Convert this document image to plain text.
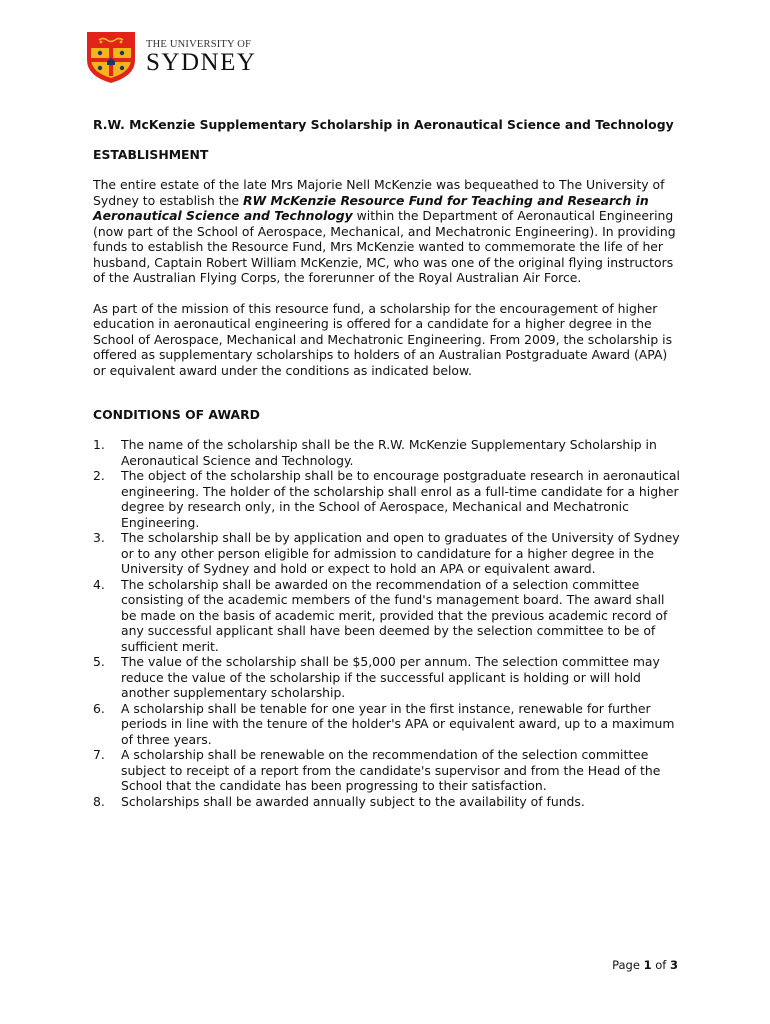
THE UNIVERSITY OF
SYDNEY

R.W. McKenzie Supplementary Scholarship in Aeronautical Science and Technology

ESTABLISHMENT

The entire estate of the late Mrs Majorie Nell McKenzie was bequeathed to The University of Sydney to establish the RW McKenzie Resource Fund for Teaching and Research in Aeronautical Science and Technology within the Department of Aeronautical Engineering (now part of the School of Aerospace, Mechanical, and Mechatronic Engineering). In providing funds to establish the Resource Fund, Mrs McKenzie wanted to commemorate the life of her husband, Captain Robert William McKenzie, MC, who was one of the original flying instructors of the Australian Flying Corps, the forerunner of the Royal Australian Air Force.

As part of the mission of this resource fund, a scholarship for the encouragement of higher education in aeronautical engineering is offered for a candidate for a higher degree in the School of Aerospace, Mechanical and Mechatronic Engineering. From 2009, the scholarship is offered as supplementary scholarships to holders of an Australian Postgraduate Award (APA) or equivalent award under the conditions as indicated below.

CONDITIONS OF AWARD

1. The name of the scholarship shall be the R.W. McKenzie Supplementary Scholarship in Aeronautical Science and Technology.
2. The object of the scholarship shall be to encourage postgraduate research in aeronautical engineering. The holder of the scholarship shall enrol as a full-time candidate for a higher degree by research only, in the School of Aerospace, Mechanical and Mechatronic Engineering.
3. The scholarship shall be by application and open to graduates of the University of Sydney or to any other person eligible for admission to candidature for a higher degree in the University of Sydney and hold or expect to hold an APA or equivalent award.
4. The scholarship shall be awarded on the recommendation of a selection committee consisting of the academic members of the fund's management board. The award shall be made on the basis of academic merit, provided that the previous academic record of any successful applicant shall have been deemed by the selection committee to be of sufficient merit.
5. The value of the scholarship shall be $5,000 per annum. The selection committee may reduce the value of the scholarship if the successful applicant is holding or will hold another supplementary scholarship.
6. A scholarship shall be tenable for one year in the first instance, renewable for further periods in line with the tenure of the holder's APA or equivalent award, up to a maximum of three years.
7. A scholarship shall be renewable on the recommendation of the selection committee subject to receipt of a report from the candidate's supervisor and from the Head of the School that the candidate has been progressing to their satisfaction.
8. Scholarships shall be awarded annually subject to the availability of funds.
Page 1 of 3
